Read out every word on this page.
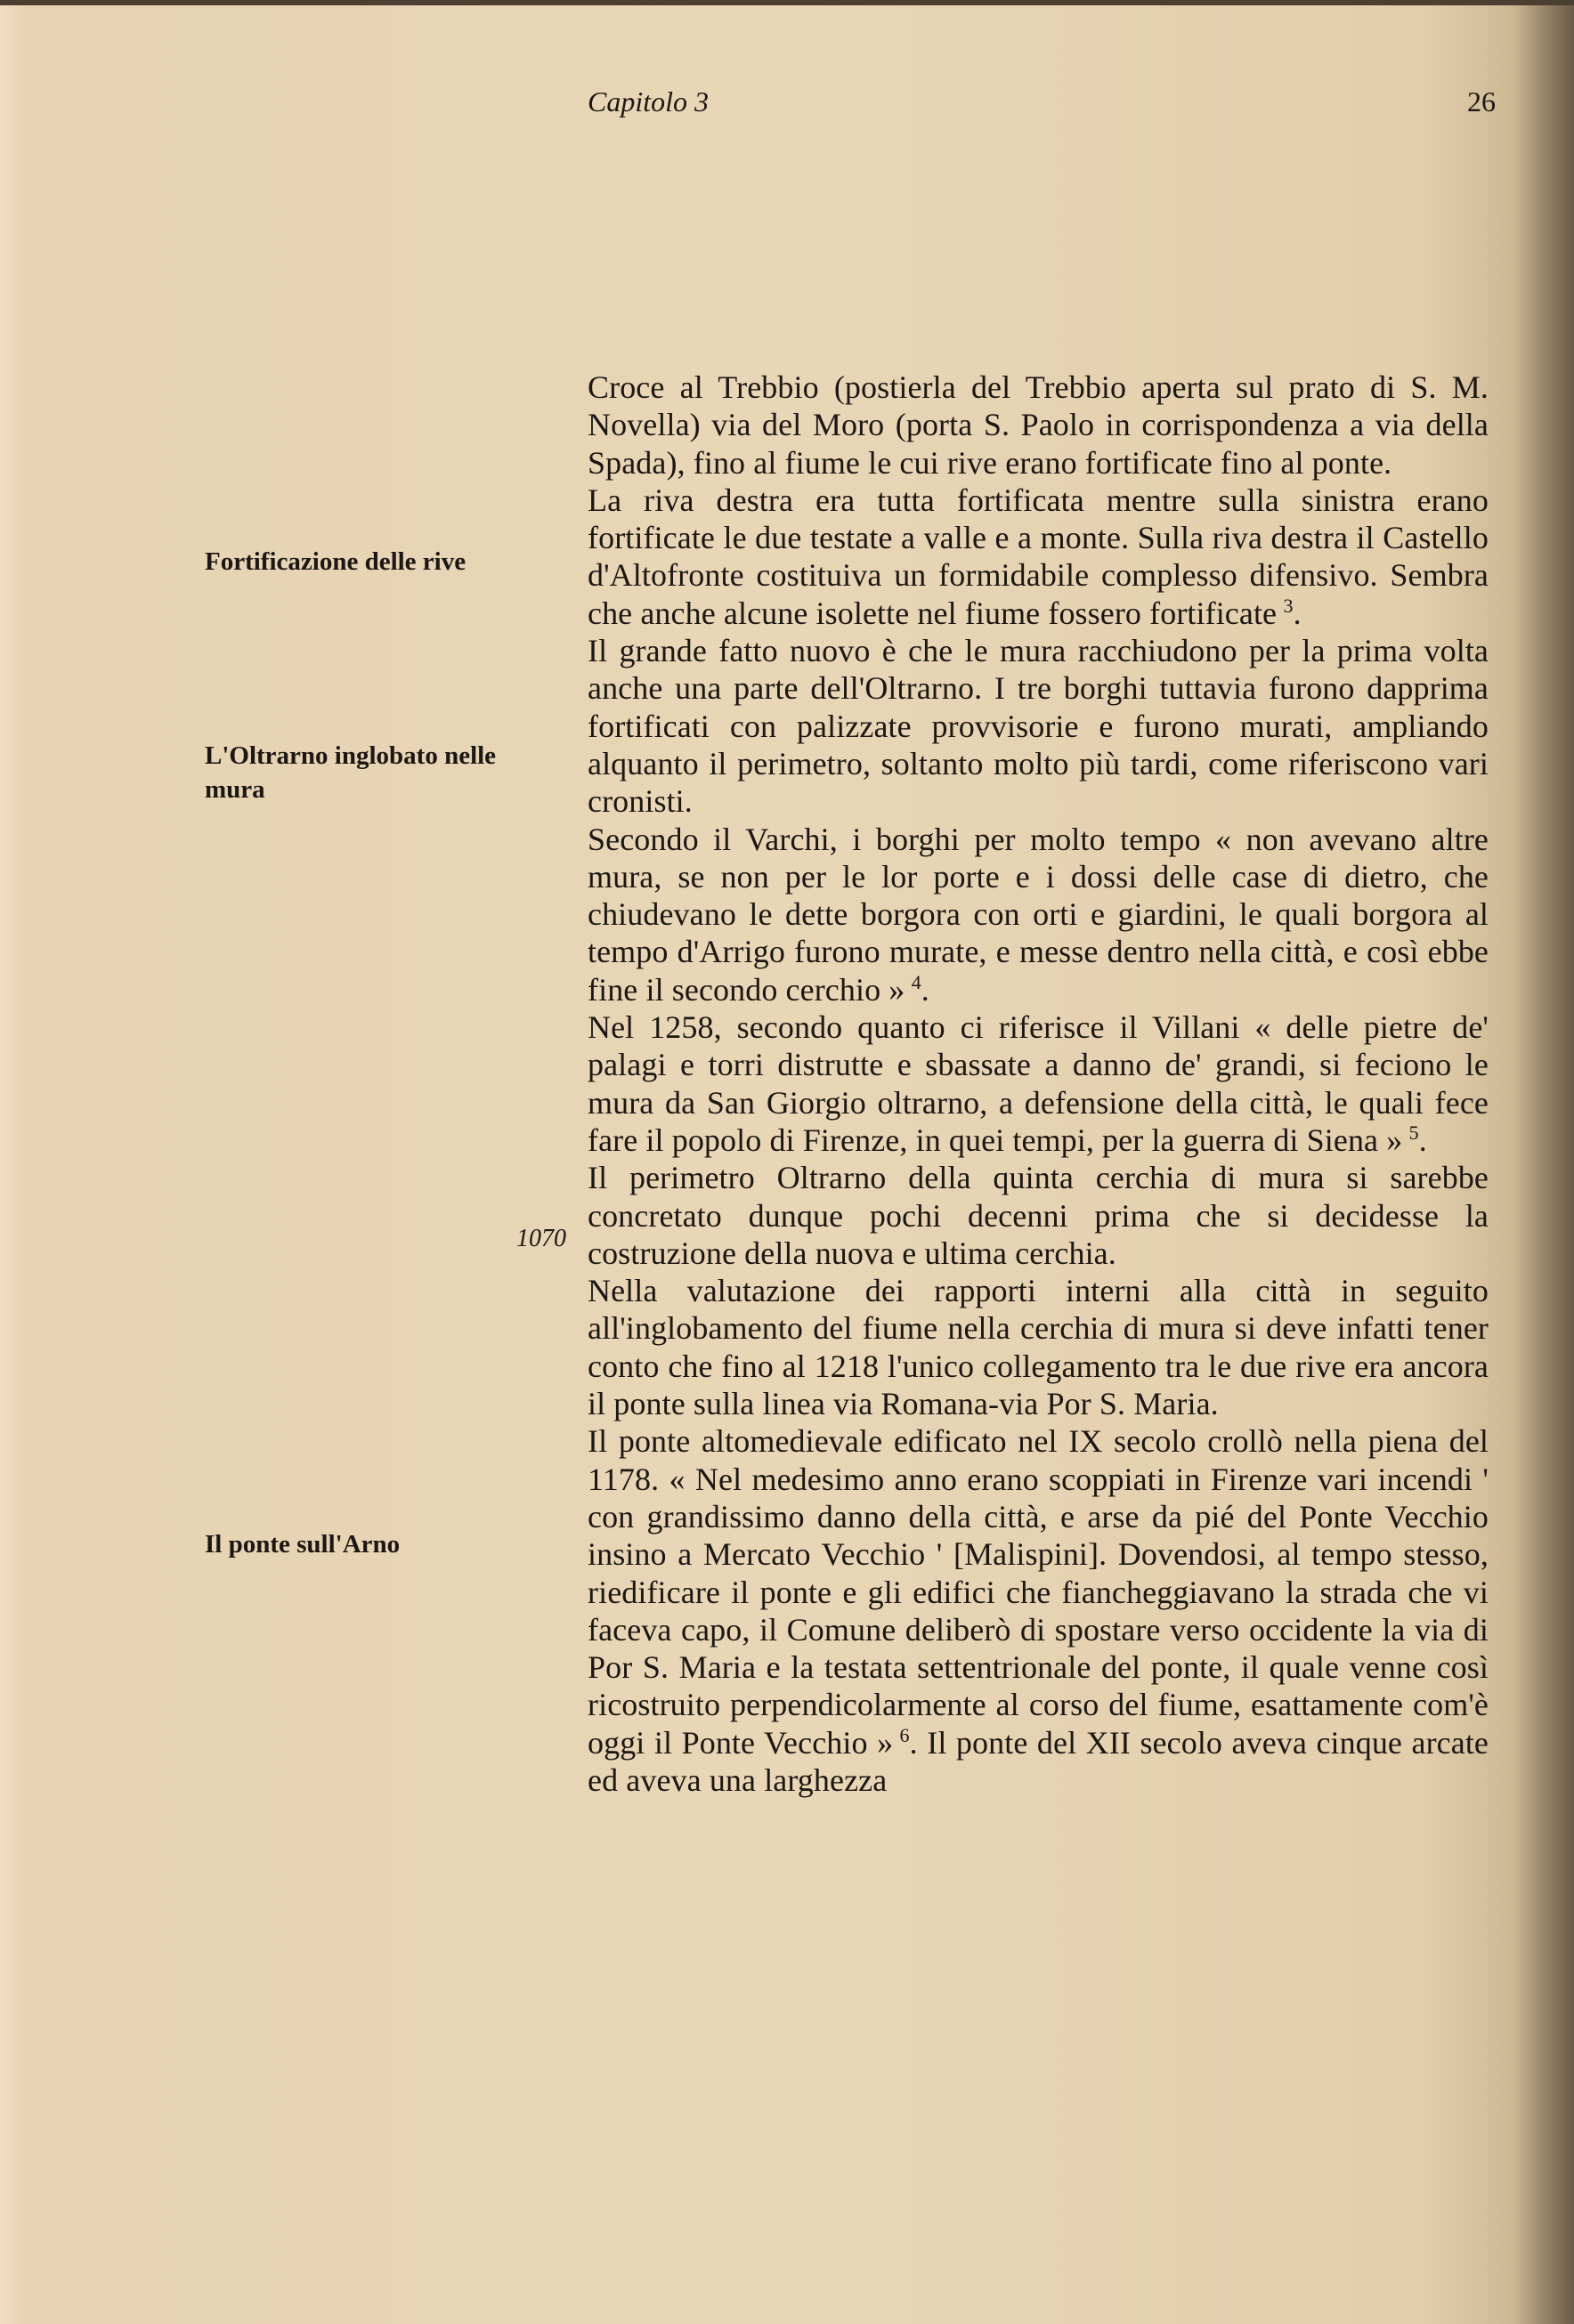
Capitolo 3	26
Fortificazione delle rive
L'Oltrarno inglobato nelle mura
1070
Il ponte sull'Arno

Croce al Trebbio (postierla del Trebbio aperta sul prato di S. M. Novella) via del Moro (porta S. Paolo in corrispondenza a via della Spada), fino al fiume le cui rive erano fortificate fino al ponte.

La riva destra era tutta fortificata mentre sulla sinistra erano fortificate le due testate a valle e a monte. Sulla riva destra il Castello d'Altofronte costituiva un formidabile complesso difensivo. Sembra che anche alcune isolette nel fiume fossero fortificate  $^3$.

Il grande fatto nuovo è che le mura racchiudono per la prima volta anche una parte dell'Oltrarno. I tre borghi tuttavia furono dapprima fortificati con palizzate provvisorie e furono murati, ampliando alquanto il perimetro, soltanto molto più tardi, come riferiscono vari cronisti.

Secondo il Varchi, i borghi per molto tempo « non avevano altre mura, se non per le lor porte e i dossi delle case di dietro, che chiudevano le dette borgora con orti e giardini, le quali borgora al tempo d'Arrigo furono murate, e messe dentro nella città, e così ebbe fine il secondo cerchio »  $^4$.

Nel 1258, secondo quanto ci riferisce il Villani « delle pietre de' palagi e torri distrutte e sbassate a danno de' grandi, si feciono le mura da San Giorgio oltrarno, a defensione della città, le quali fece fare il popolo di Firenze, in quei tempi, per la guerra di Siena »  $^5$.

Il perimetro Oltrarno della quinta cerchia di mura si sarebbe concretato dunque pochi decenni prima che si decidesse la costruzione della nuova e ultima cerchia.

Nella valutazione dei rapporti interni alla città in seguito all'inglobamento del fiume nella cerchia di mura si deve infatti tener conto che fino al 1218 l'unico collegamento tra le due rive era ancora il ponte sulla linea via Romana-via Por S. Maria.

Il ponte altomedievale edificato nel IX secolo crollò nella piena del 1178. « Nel medesimo anno erano scoppiati in Firenze vari incendi ' con grandissimo danno della città, e arse da pié del Ponte Vecchio insino a Mercato Vecchio ' [Malispini]. Dovendosi, al tempo stesso, riedificare il ponte e gli edifici che fiancheggiavano la strada che vi faceva capo, il Comune deliberò di spostare verso occidente la via di Por S. Maria e la testata settentrionale del ponte, il quale venne così ricostruito perpendicolarmente al corso del fiume, esattamente com'è oggi il Ponte Vecchio »  $^6$. Il ponte del XII secolo aveva cinque arcate ed aveva una larghezza
